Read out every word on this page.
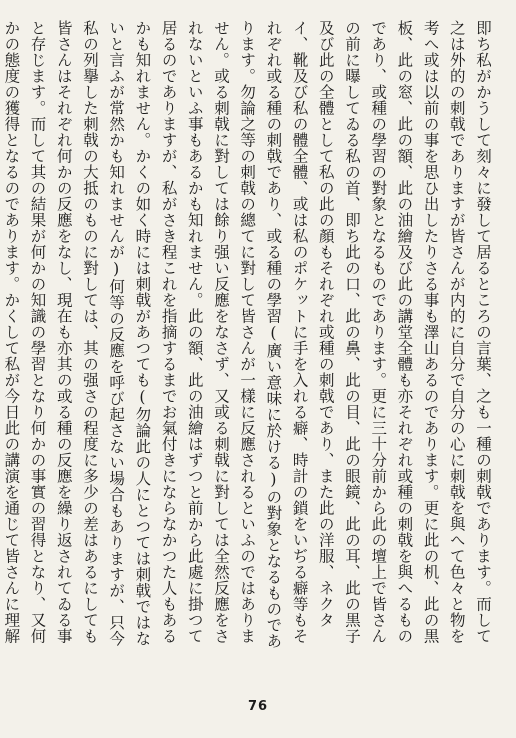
即ち私がかうして刻々に發して居るところの言葉、之も一種の刺戟であります。而して之は外的の刺戟でありますが皆さんが内的に自分で自分の心に刺戟を與へて色々と物を考へ或は以前の事を思ひ出したりさる事も澤山あるのであります。更に此の机、此の黒板、此の窓、此の額、此の油繪及び此の講堂全體も亦それぞれ或種の刺戟を與へるものであり、或種の學習の對象となるものであります。更に三十分前から此の壇上で皆さんの前に曝してゐる私の首、即ち此の口、此の鼻、此の目、此の眼鏡、此の耳、此の黒子及び此の全體として私の此の顏もそれぞれ或種の刺戟であり、また此の洋服、ネクタイ、靴及び私の體全體、或は私のポケットに手を入れる癖、時計の鎖をいぢる癖等もそれぞれ或る種の刺戟であり、或る種の學習(廣い意味に於ける)の對象となるものであります。勿論之等の刺戟の總てに對して皆さんが一樣に反應されるといふのではありません。或る刺戟に對しては餘り强い反應をなさず、又或る刺戟に對しては全然反應をされないといふ事もあるかも知れません。此の額、此の油繪はずつと前から此處に掛つて居るのでありますが、私がさき程これを指摘するまでお氣付きにならなかつた人もあるかも知れません。かくの如く時には刺戟があつても(勿論此の人にとつては刺戟ではないと言ふが常然かも知れませんが)何等の反應を呼び起さない場合もありますが、只今私の列擧した刺戟の大抵のものに對しては、其の强さの程度に多少の差はあるにしても皆さんはそれぞれ何かの反應をなし、現在も亦其の或る種の反應を繰り返されてゐる事と存じます。而して其の結果が何かの知識の學習となり何かの事實の習得となり、又何かの態度の獲得となるのであります。かくして私が今日此の講演を通じて皆さんに理解

76
